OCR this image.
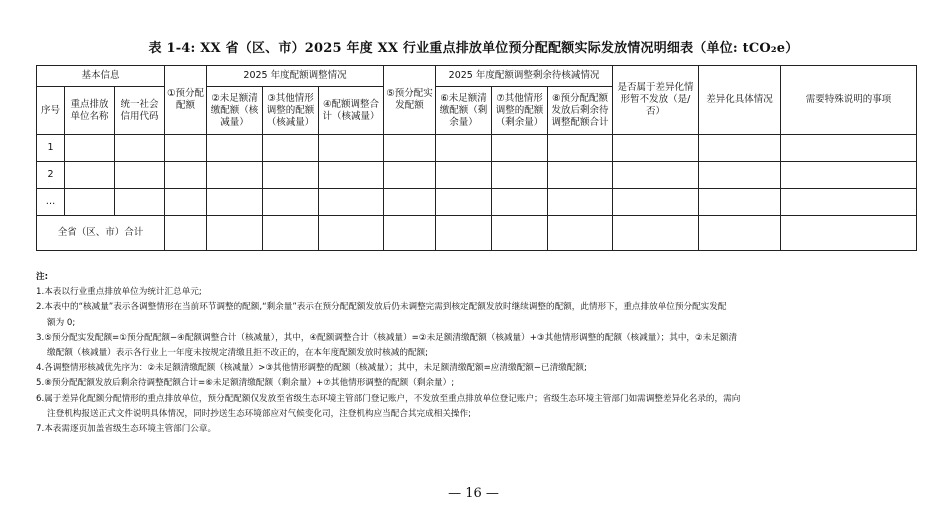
表 1-4: XX 省（区、市）2025 年度 XX 行业重点排放单位预分配配额实际发放情况明细表（单位: tCO₂e）
基本信息			①预分配配额	2025 年度配额调整情况			⑤预分配实发配额	2025 年度配额调整剩余待核减情况			是否属于差异化情形暂不发放（是/否）	差异化具体情况	需要特殊说明的事项
序号	重点排放单位名称	统一社会信用代码		②未足额清缴配额（核减量）	③其他情形调整的配额（核减量）	④配额调整合计（核减量）		⑥未足额清缴配额（剩余量）	⑦其他情形调整的配额（剩余量）	⑧预分配配额发放后剩余待调整配额合计			
1													
2													
…													
全省（区、市）合计													
注:
1.本表以行业重点排放单位为统计汇总单元;
2.本表中的“核减量”表示各调整情形在当前环节调整的配额,“剩余量”表示在预分配配额发放后仍未调整完需到核定配额发放时继续调整的配额，此情形下，重点排放单位预分配实发配
额为 0;
3.⑤预分配实发配额=①预分配配额−④配额调整合计（核减量），其中，④配额调整合计（核减量）=②未足额清缴配额（核减量）+③其他情形调整的配额（核减量）；其中，②未足额清
缴配额（核减量）表示各行业上一年度未按规定清缴且拒不改正的，在本年度配额发放时核减的配额;
4.各调整情形核减优先序为：②未足额清缴配额（核减量）>③其他情形调整的配额（核减量）；其中，未足额清缴配额=应清缴配额−已清缴配额;
5.⑧预分配配额发放后剩余待调整配额合计=⑥未足额清缴配额（剩余量）+⑦其他情形调整的配额（剩余量）;
6.属于差异化配额分配情形的重点排放单位，预分配配额仅发放至省级生态环境主管部门登记账户，不发放至重点排放单位登记账户；省级生态环境主管部门如需调整差异化名录的，需向
注登机构报送正式文件说明具体情况，同时抄送生态环境部应对气候变化司，注登机构应当配合其完成相关操作;
7.本表需逐页加盖省级生态环境主管部门公章。
— 16 —
